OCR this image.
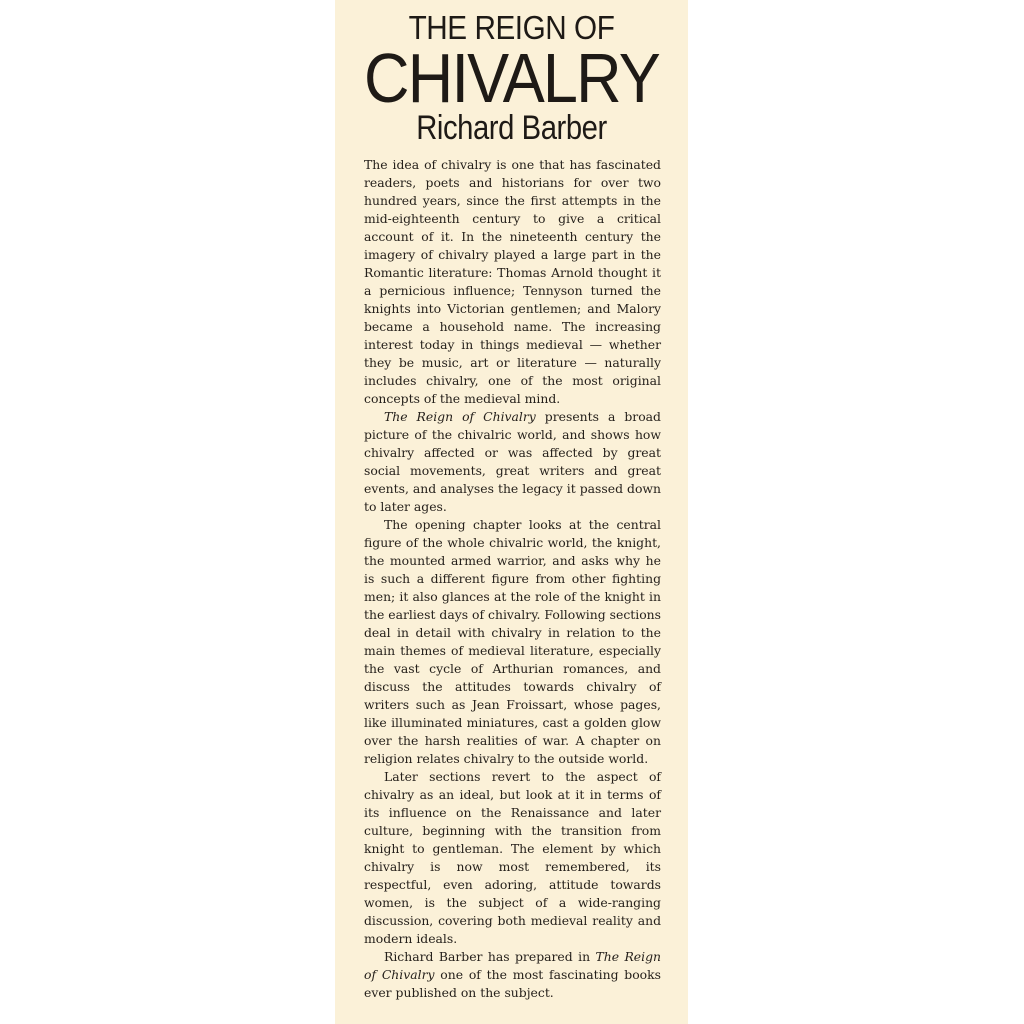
THE REIGN OF
CHIVALRY
Richard Barber

The idea of chivalry is one that has fascinated readers, poets and historians for over two hundred years, since the first attempts in the mid-eighteenth century to give a critical account of it. In the nineteenth century the imagery of chivalry played a large part in the Romantic literature: Thomas Arnold thought it a pernicious influence; Tennyson turned the knights into Victorian gentlemen; and Malory became a household name. The increasing interest today in things medieval — whether they be music, art or literature — naturally includes chivalry, one of the most original concepts of the medieval mind.

The Reign of Chivalry presents a broad picture of the chivalric world, and shows how chivalry affected or was affected by great social movements, great writers and great events, and analyses the legacy it passed down to later ages.

The opening chapter looks at the central figure of the whole chivalric world, the knight, the mounted armed warrior, and asks why he is such a different figure from other fighting men; it also glances at the role of the knight in the earliest days of chivalry. Following sections deal in detail with chivalry in relation to the main themes of medieval literature, especially the vast cycle of Arthurian romances, and discuss the attitudes towards chivalry of writers such as Jean Froissart, whose pages, like illuminated miniatures, cast a golden glow over the harsh realities of war. A chapter on religion relates chivalry to the outside world.

Later sections revert to the aspect of chivalry as an ideal, but look at it in terms of its influence on the Renaissance and later culture, beginning with the transition from knight to gentleman. The element by which chivalry is now most remembered, its respectful, even adoring, attitude towards women, is the subject of a wide-ranging discussion, covering both medieval reality and modern ideals.

Richard Barber has prepared in The Reign of Chivalry one of the most fascinating books ever published on the subject.
